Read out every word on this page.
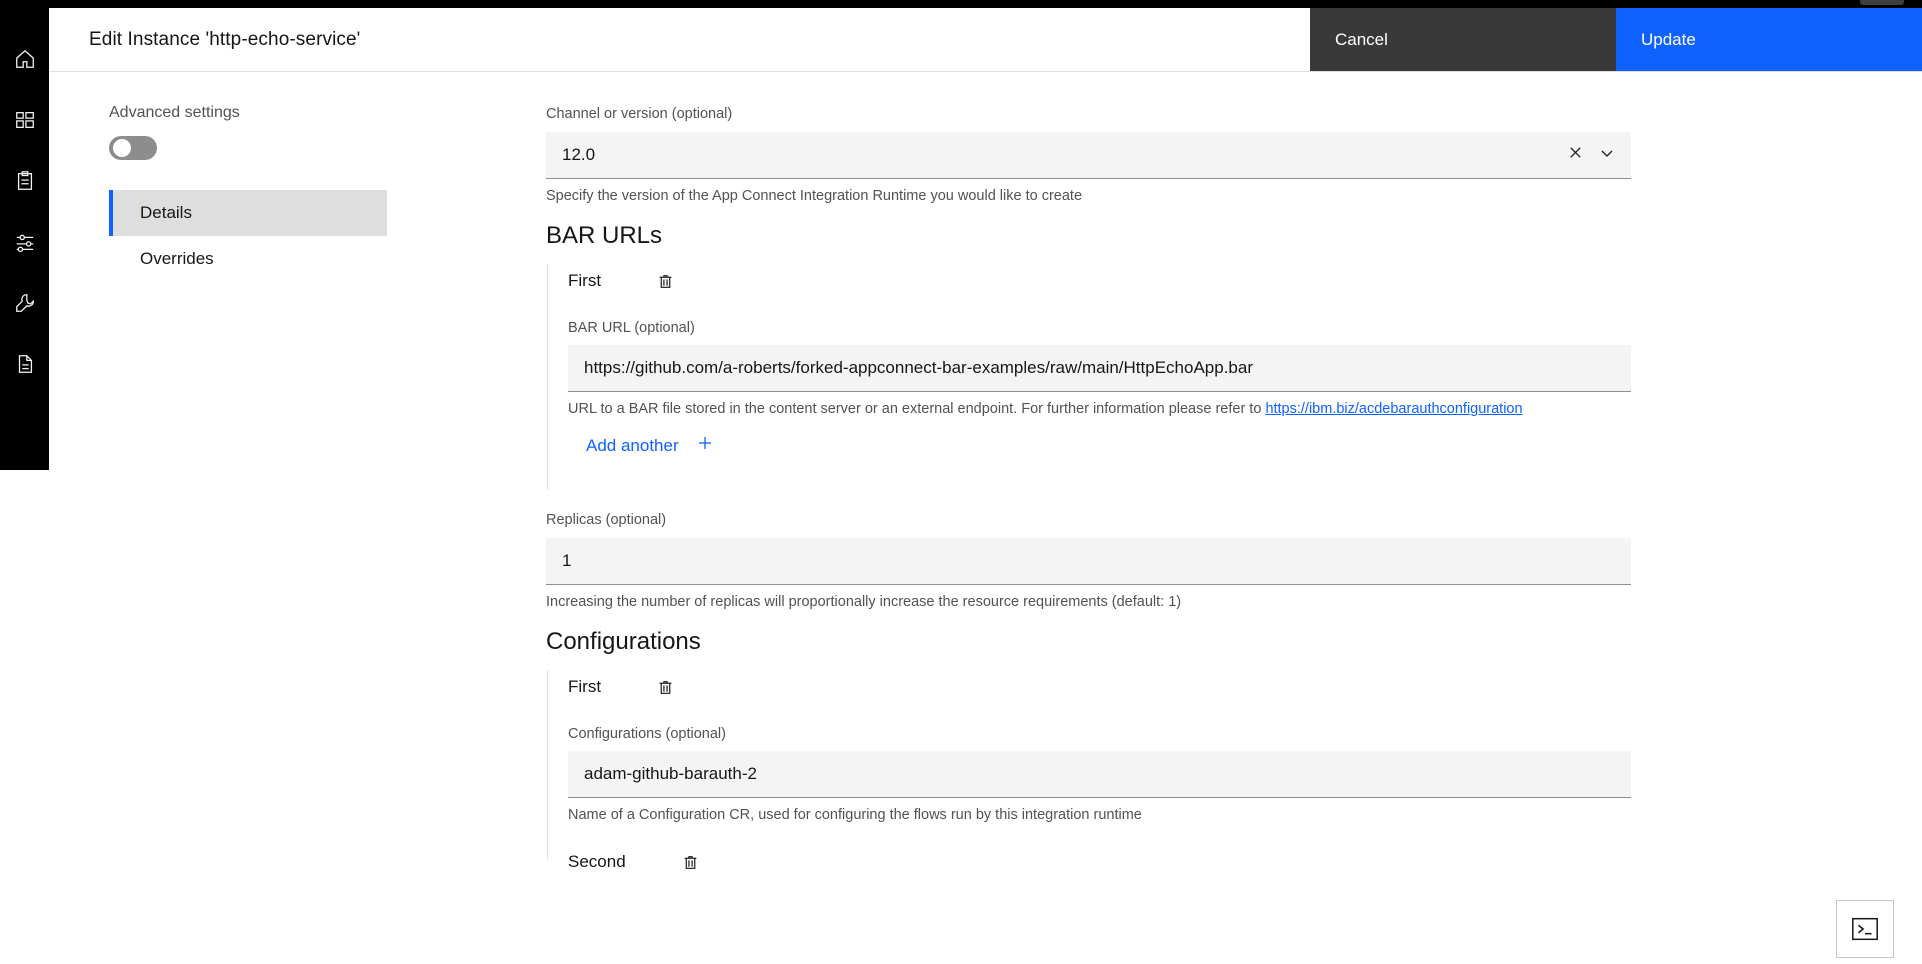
Edit Instance 'http-echo-service'	Cancel	Update
Advanced settings
Details
Overrides
Channel or version (optional)
12.0
Specify the version of the App Connect Integration Runtime you would like to create
BAR URLs
First
BAR URL (optional)
https://github.com/a-roberts/forked-appconnect-bar-examples/raw/main/HttpEchoApp.bar
URL to a BAR file stored in the content server or an external endpoint. For further information please refer to https://ibm.biz/acdebarauthconfiguration
Add another
Replicas (optional)
1
Increasing the number of replicas will proportionally increase the resource requirements (default: 1)
Configurations
First
Configurations (optional)
adam-github-barauth-2
Name of a Configuration CR, used for configuring the flows run by this integration runtime
Second
